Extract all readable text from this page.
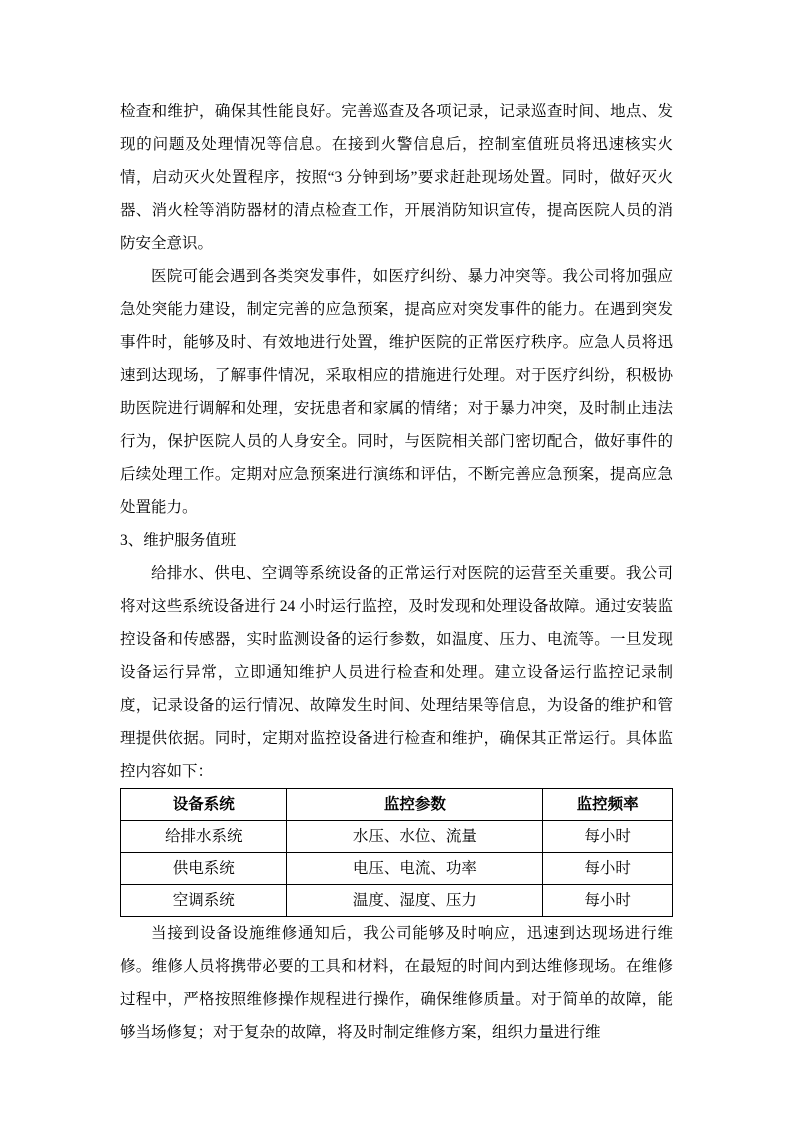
检查和维护，确保其性能良好。完善巡查及各项记录，记录巡查时间、地点、发现的问题及处理情况等信息。在接到火警信息后，控制室值班员将迅速核实火情，启动灭火处置程序，按照“3 分钟到场”要求赶赴现场处置。同时，做好灭火器、消火栓等消防器材的清点检查工作，开展消防知识宣传，提高医院人员的消防安全意识。

医院可能会遇到各类突发事件，如医疗纠纷、暴力冲突等。我公司将加强应急处突能力建设，制定完善的应急预案，提高应对突发事件的能力。在遇到突发事件时，能够及时、有效地进行处置，维护医院的正常医疗秩序。应急人员将迅速到达现场，了解事件情况，采取相应的措施进行处理。对于医疗纠纷，积极协助医院进行调解和处理，安抚患者和家属的情绪；对于暴力冲突，及时制止违法行为，保护医院人员的人身安全。同时，与医院相关部门密切配合，做好事件的后续处理工作。定期对应急预案进行演练和评估，不断完善应急预案，提高应急处置能力。

3、维护服务值班

给排水、供电、空调等系统设备的正常运行对医院的运营至关重要。我公司将对这些系统设备进行 24 小时运行监控，及时发现和处理设备故障。通过安装监控设备和传感器，实时监测设备的运行参数，如温度、压力、电流等。一旦发现设备运行异常，立即通知维护人员进行检查和处理。建立设备运行监控记录制度，记录设备的运行情况、故障发生时间、处理结果等信息，为设备的维护和管理提供依据。同时，定期对监控设备进行检查和维护，确保其正常运行。具体监控内容如下：

设备系统	监控参数	监控频率
给排水系统	水压、水位、流量	每小时
供电系统	电压、电流、功率	每小时
空调系统	温度、湿度、压力	每小时

当接到设备设施维修通知后，我公司能够及时响应，迅速到达现场进行维修。维修人员将携带必要的工具和材料，在最短的时间内到达维修现场。在维修过程中，严格按照维修操作规程进行操作，确保维修质量。对于简单的故障，能够当场修复；对于复杂的故障，将及时制定维修方案，组织力量进行维
